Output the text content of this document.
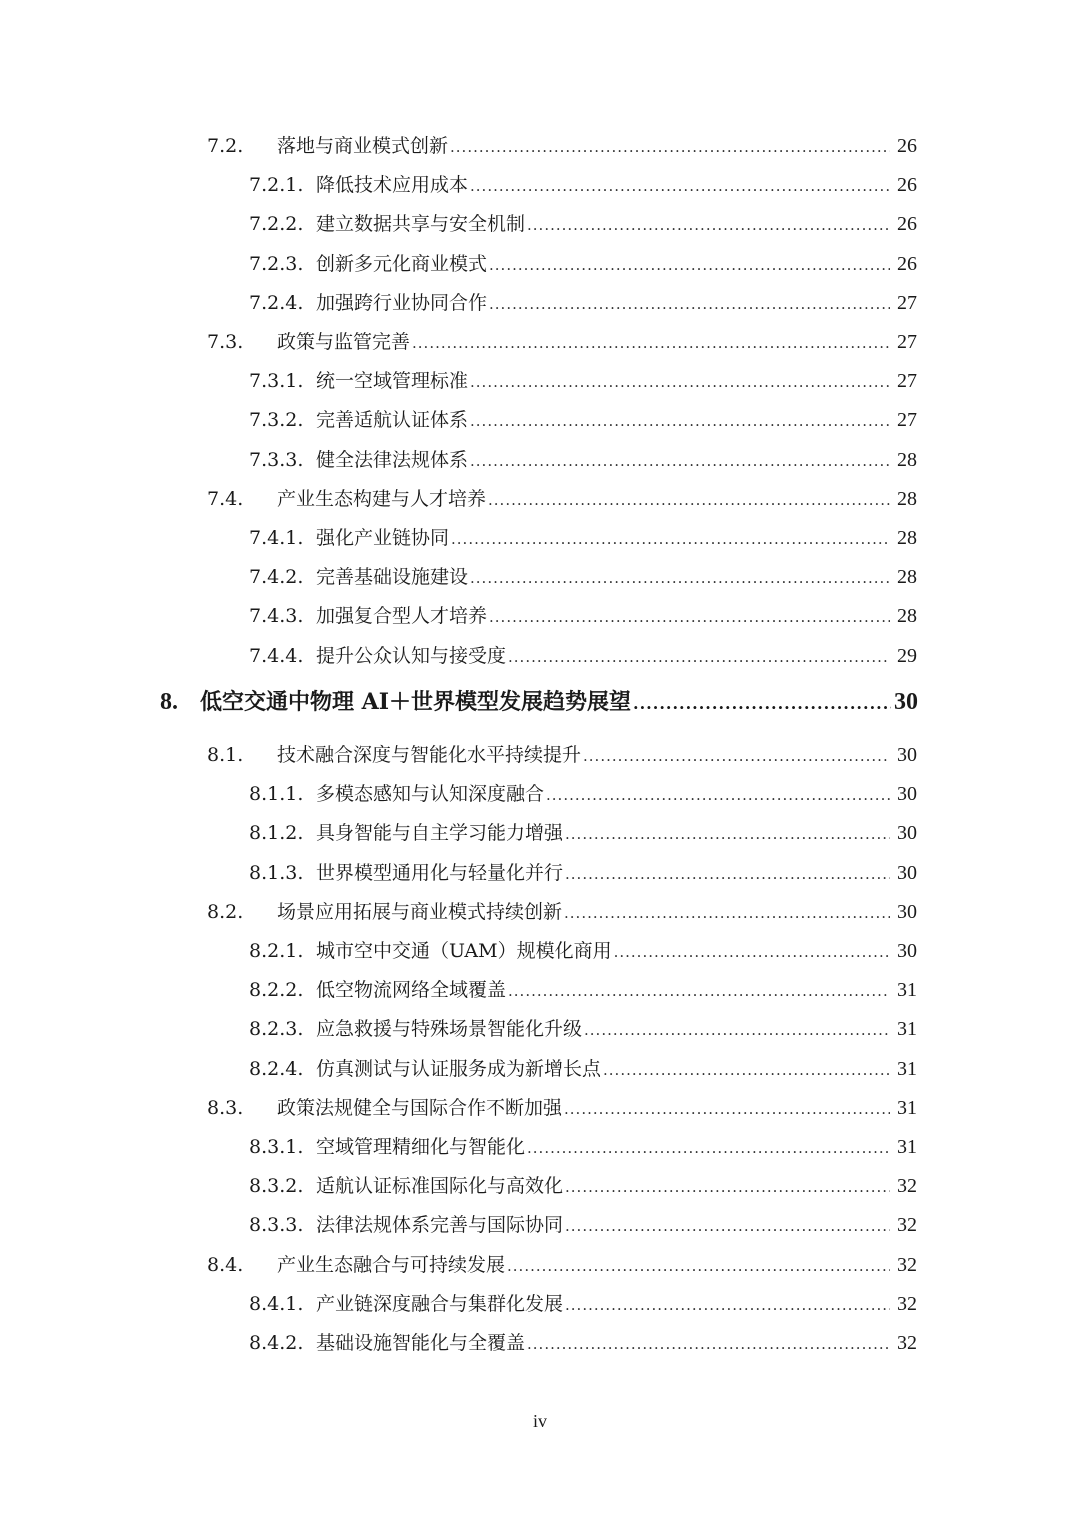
7.2. 落地与商业模式创新 .....	26
7.2.1. 降低技术应用成本 .....	26
7.2.2. 建立数据共享与安全机制 .....	26
7.2.3. 创新多元化商业模式 .....	26
7.2.4. 加强跨行业协同合作 .....	27
7.3. 政策与监管完善 .....	27
7.3.1. 统一空域管理标准 .....	27
7.3.2. 完善适航认证体系 .....	27
7.3.3. 健全法律法规体系 .....	28
7.4. 产业生态构建与人才培养 .....	28
7.4.1. 强化产业链协同 .....	28
7.4.2. 完善基础设施建设 .....	28
7.4.3. 加强复合型人才培养 .....	28
7.4.4. 提升公众认知与接受度 .....	29
8. 低空交通中物理 AI＋世界模型发展趋势展望 .....	30
8.1. 技术融合深度与智能化水平持续提升 .....	30
8.1.1. 多模态感知与认知深度融合 .....	30
8.1.2. 具身智能与自主学习能力增强 .....	30
8.1.3. 世界模型通用化与轻量化并行 .....	30
8.2. 场景应用拓展与商业模式持续创新 .....	30
8.2.1. 城市空中交通（UAM）规模化商用 .....	30
8.2.2. 低空物流网络全域覆盖 .....	31
8.2.3. 应急救援与特殊场景智能化升级 .....	31
8.2.4. 仿真测试与认证服务成为新增长点 .....	31
8.3. 政策法规健全与国际合作不断加强 .....	31
8.3.1. 空域管理精细化与智能化 .....	31
8.3.2. 适航认证标准国际化与高效化 .....	32
8.3.3. 法律法规体系完善与国际协同 .....	32
8.4. 产业生态融合与可持续发展 .....	32
8.4.1. 产业链深度融合与集群化发展 .....	32
8.4.2. 基础设施智能化与全覆盖 .....	32
iv
